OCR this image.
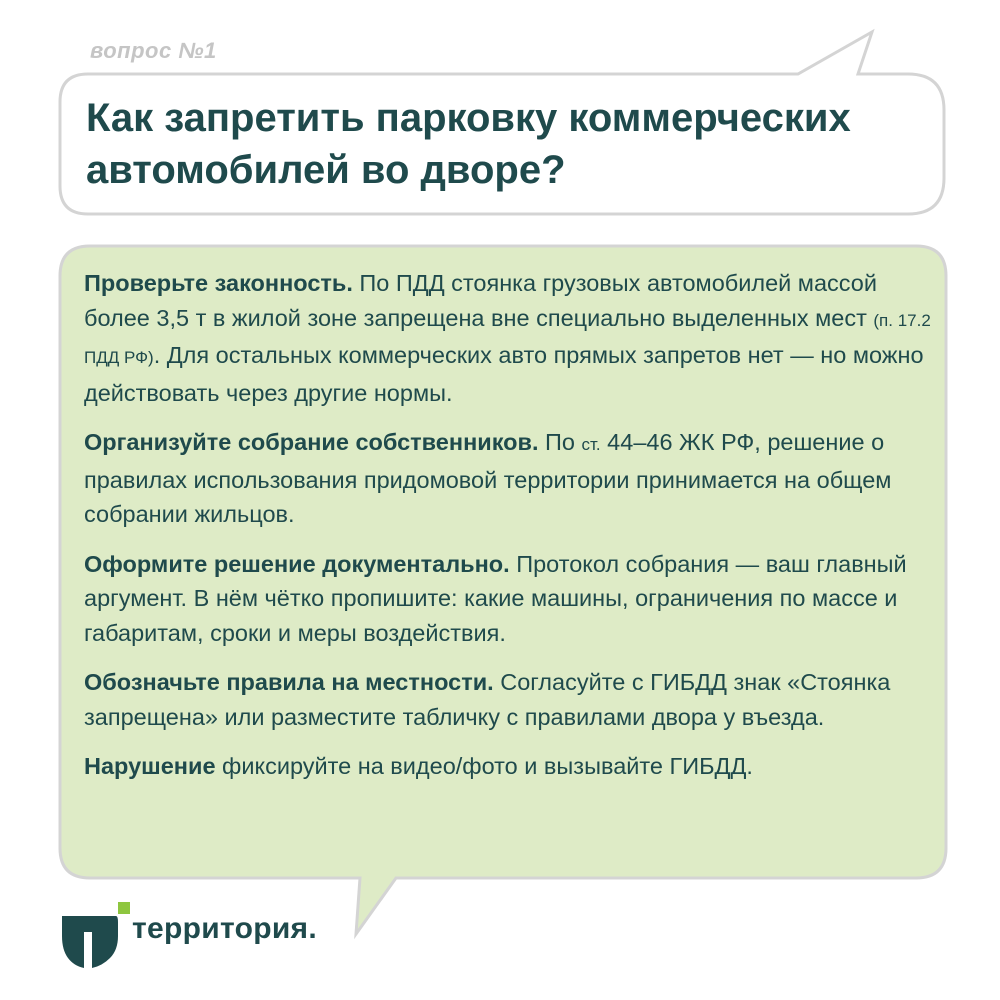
вопрос №1
Как запретить парковку коммерческих автомобилей во дворе?

Проверьте законность. По ПДД стоянка грузовых автомобилей массой более 3,5 т в жилой зоне запрещена вне специально выделенных мест (п. 17.2 ПДД РФ). Для остальных коммерческих авто прямых запретов нет — но можно действовать через другие нормы.

Организуйте собрание собственников. По ст. 44–46 ЖК РФ, решение о правилах использования придомовой территории принимается на общем собрании жильцов.

Оформите решение документально. Протокол собрания — ваш главный аргумент. В нём чётко пропишите: какие машины, ограничения по массе и габаритам, сроки и меры воздействия.

Обозначьте правила на местности. Согласуйте с ГИБДД знак «Стоянка запрещена» или разместите табличку с правилами двора у въезда.

Нарушение фиксируйте на видео/фото и вызывайте ГИБДД.

территория.
